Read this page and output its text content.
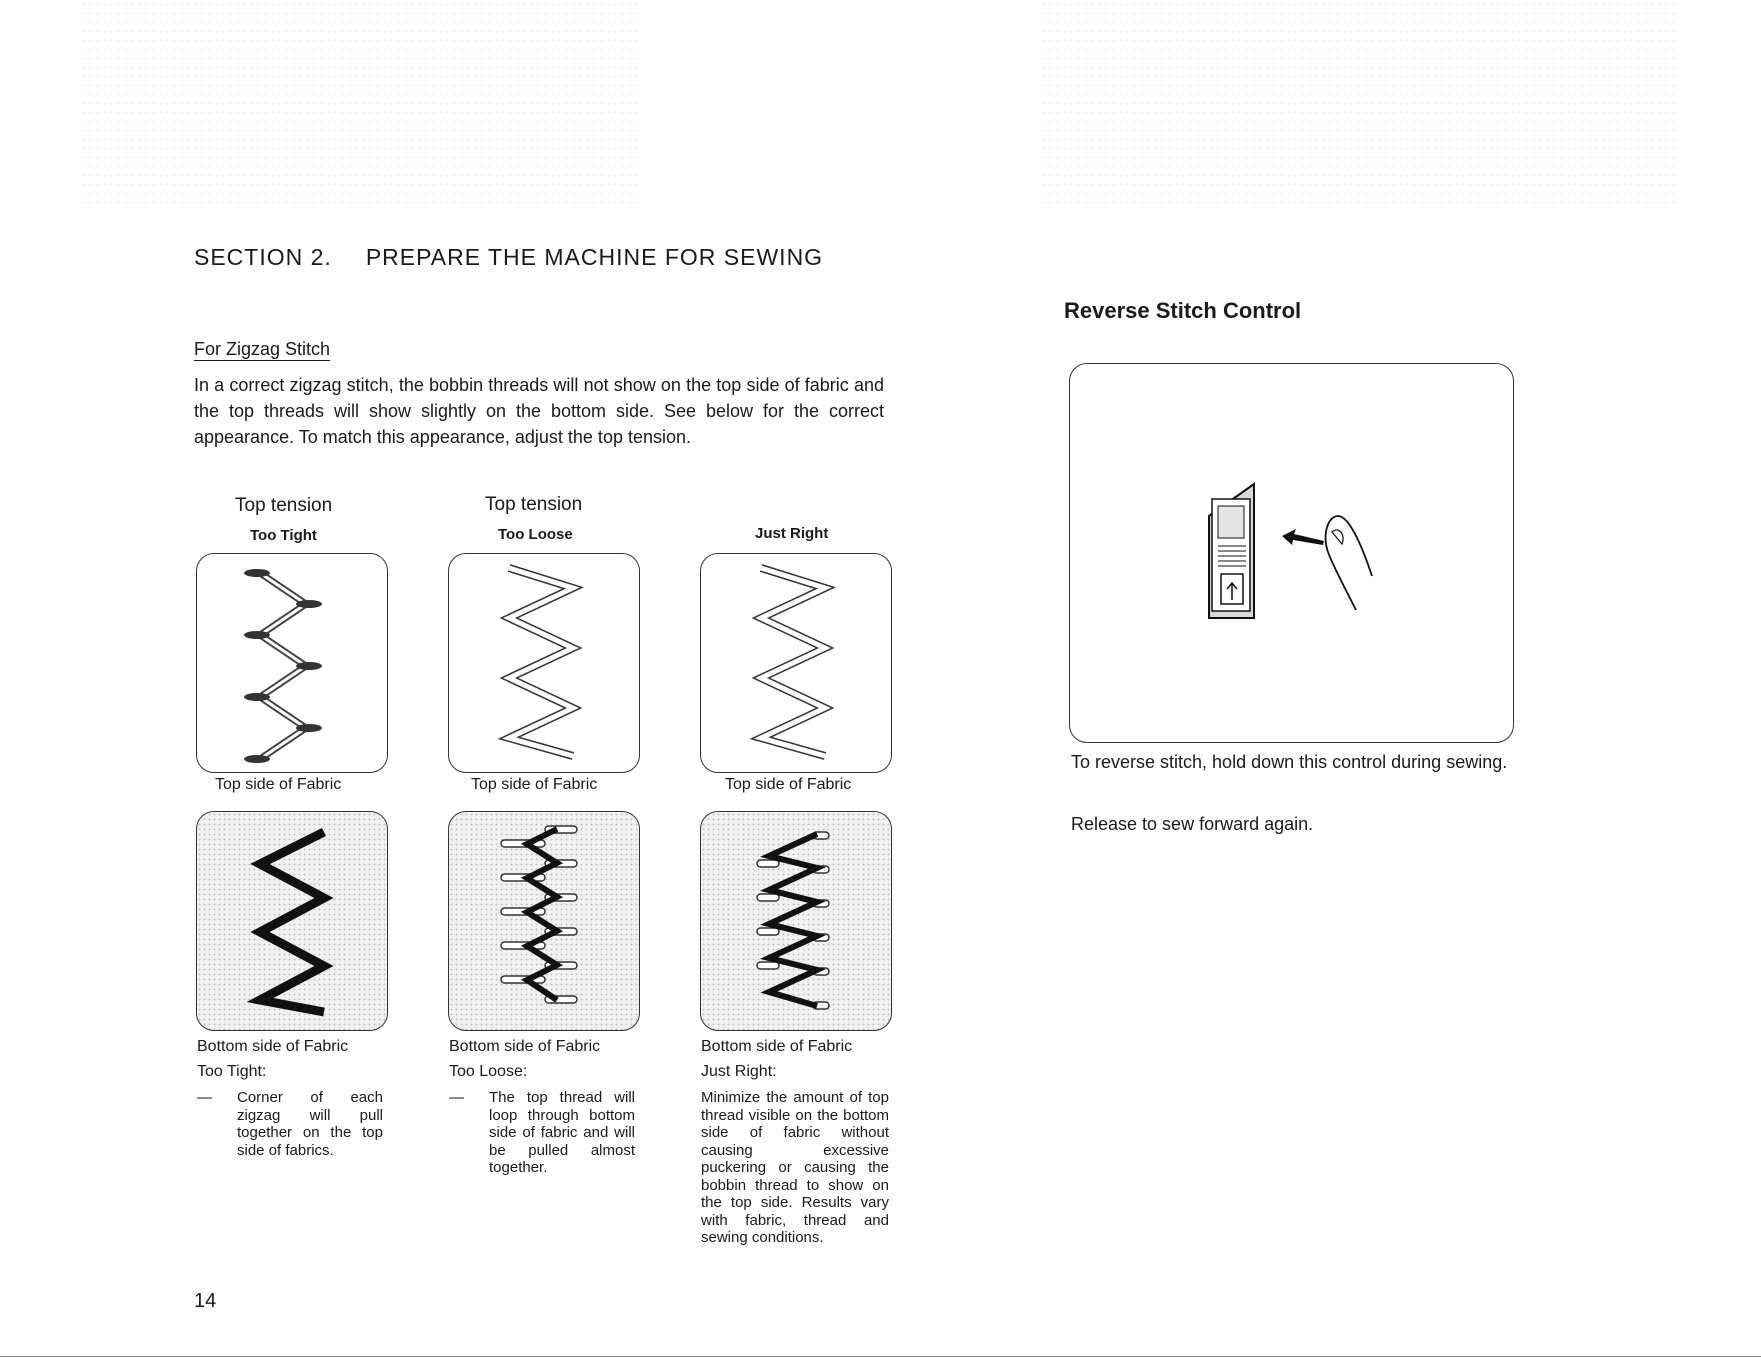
SECTION 2. PREPARE THE MACHINE FOR SEWING
For Zigzag Stitch
In a correct zigzag stitch, the bobbin threads will not show on the top side of fabric and the top threads will show slightly on the bottom side. See below for the correct appearance. To match this appearance, adjust the top tension.
Top tension
Too Tight
Top side of Fabric
Bottom side of Fabric
Too Tight:
—	Corner of each zigzag will pull together on the top side of fabrics.
Top tension
Too Loose
Top side of Fabric
Bottom side of Fabric
Too Loose:
—	The top thread will loop through bottom side of fabric and will be pulled almost together.
Just Right
Top side of Fabric
Bottom side of Fabric
Just Right:
Minimize the amount of top thread visible on the bottom side of fabric without causing excessive puckering or causing the bobbin thread to show on the top side. Results vary with fabric, thread and sewing conditions.
Reverse Stitch Control
To reverse stitch, hold down this control during sewing.
Release to sew forward again.
14
